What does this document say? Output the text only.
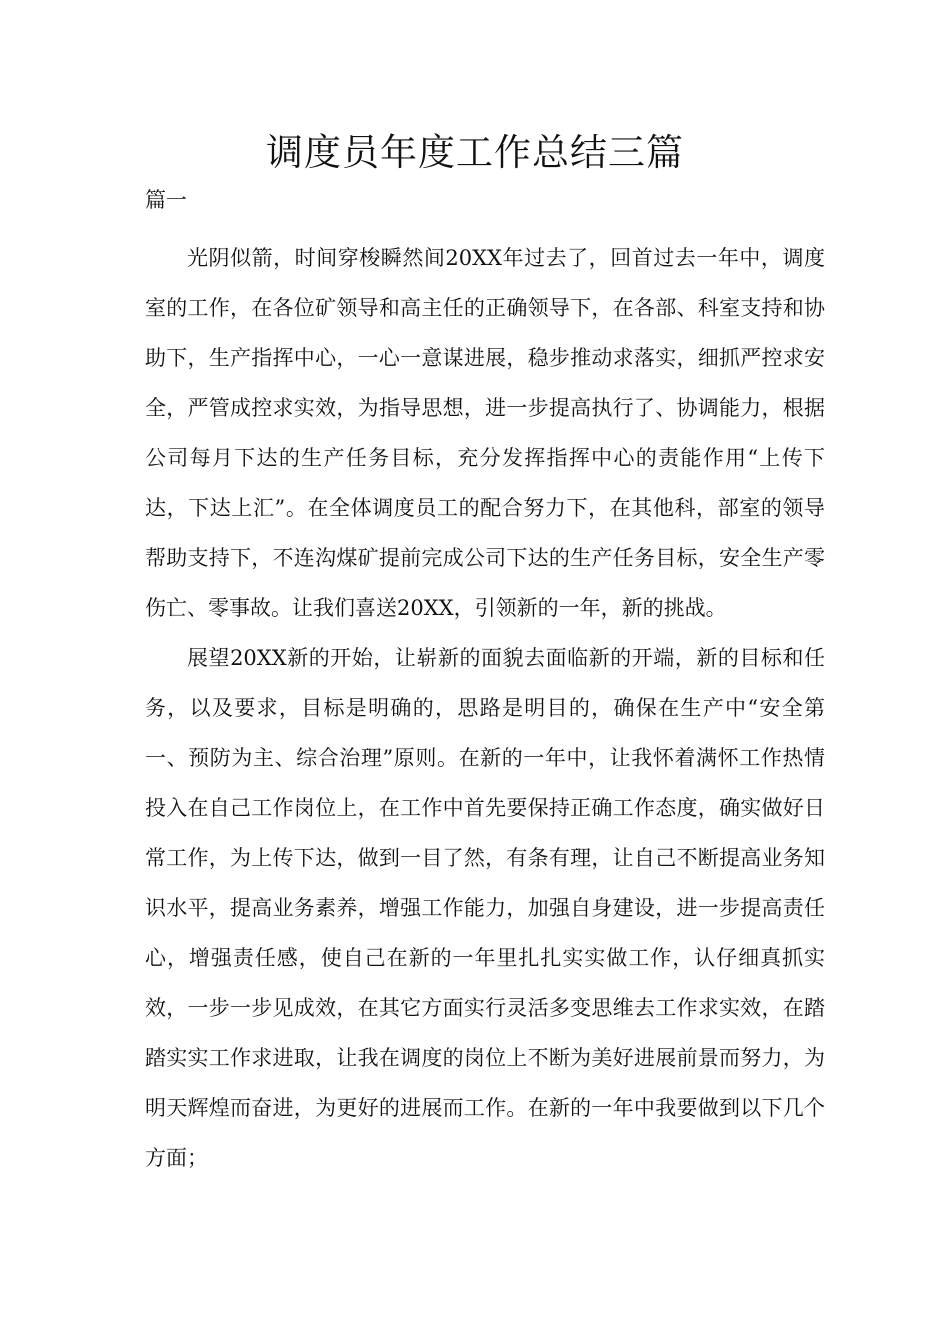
调度员年度工作总结三篇

篇一

光阴似箭，时间穿梭瞬然间20XX年过去了，回首过去一年中，调度室的工作，在各位矿领导和高主任的正确领导下，在各部、科室支持和协助下，生产指挥中心，一心一意谋进展，稳步推动求落实，细抓严控求安全，严管成控求实效，为指导思想，进一步提高执行了、协调能力，根据公司每月下达的生产任务目标，充分发挥指挥中心的责能作用“上传下达，下达上汇”。在全体调度员工的配合努力下，在其他科，部室的领导帮助支持下，不连沟煤矿提前完成公司下达的生产任务目标，安全生产零伤亡、零事故。让我们喜送20XX，引领新的一年，新的挑战。

展望20XX新的开始，让崭新的面貌去面临新的开端，新的目标和任务，以及要求，目标是明确的，思路是明目的，确保在生产中“安全第一、预防为主、综合治理”原则。在新的一年中，让我怀着满怀工作热情投入在自己工作岗位上，在工作中首先要保持正确工作态度，确实做好日常工作，为上传下达，做到一目了然，有条有理，让自己不断提高业务知识水平，提高业务素养，增强工作能力，加强自身建设，进一步提高责任心，增强责任感，使自己在新的一年里扎扎实实做工作，认仔细真抓实效，一步一步见成效，在其它方面实行灵活多变思维去工作求实效，在踏踏实实工作求进取，让我在调度的岗位上不断为美好进展前景而努力，为明天辉煌而奋进，为更好的进展而工作。在新的一年中我要做到以下几个方面；
